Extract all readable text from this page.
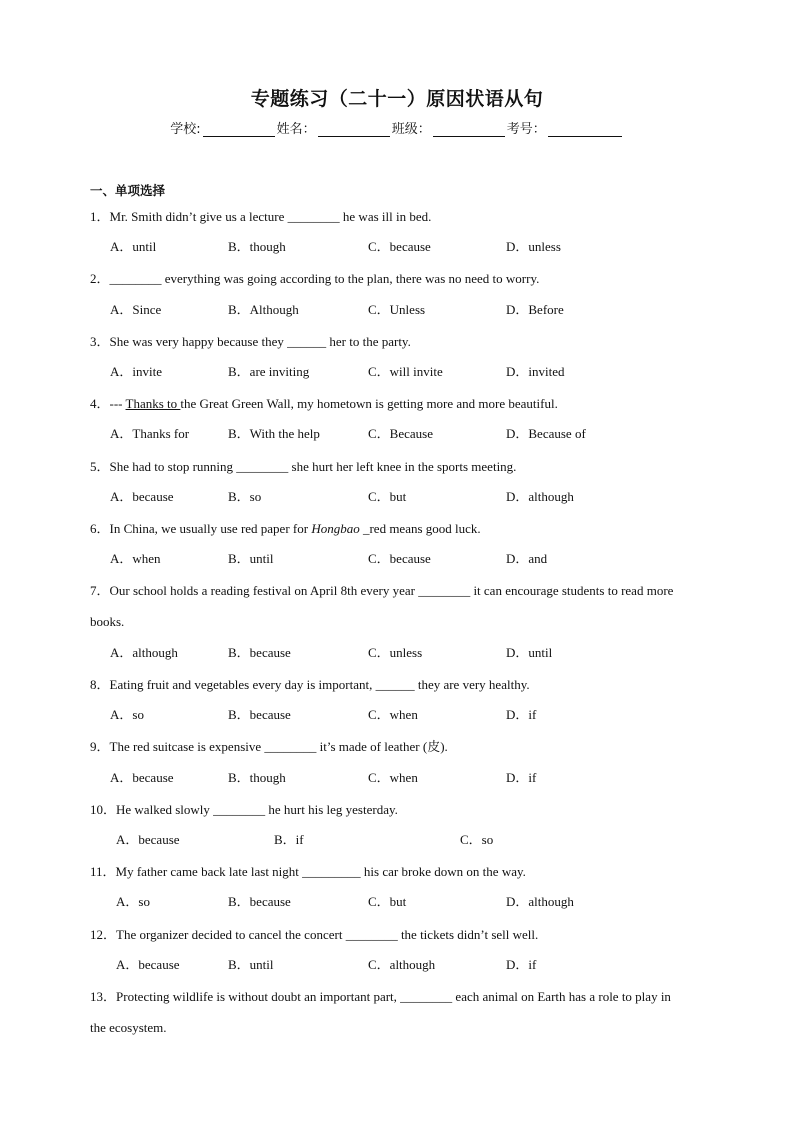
专题练习（二十一）原因状语从句
学校:	姓名：	班级：	考号：
一、单项选择
1．Mr. Smith didn’t give us a lecture ________ he was ill in bed.
A．until	B．though	C．because	D．unless
2．________ everything was going according to the plan, there was no need to worry.
A．Since	B．Although	C．Unless	D．Before
3．She was very happy because they ______ her to the party.
A．invite	B．are inviting	C．will invite	D．invited
4．--- Thanks to the Great Green Wall, my hometown is getting more and more beautiful.
A．Thanks for	B．With the help	C．Because	D．Because of
5．She had to stop running ________ she hurt her left knee in the sports meeting.
A．because	B．so	C．but	D．although
6．In China, we usually use red paper for Hongbao _red means good luck.
A．when	B．until	C．because	D．and
7．Our school holds a reading festival on April 8th every year ________ it can encourage students to read more books.
A．although	B．because	C．unless	D．until
8．Eating fruit and vegetables every day is important, ______ they are very healthy.
A．so	B．because	C．when	D．if
9．The red suitcase is expensive ________ it’s made of leather (皮).
A．because	B．though	C．when	D．if
10．He walked slowly ________ he hurt his leg yesterday.
A．because	B．if	C．so
11．My father came back late last night _________ his car broke down on the way.
A．so	B．because	C．but	D．although
12．The organizer decided to cancel the concert ________ the tickets didn’t sell well.
A．because	B．until	C．although	D．if
13．Protecting wildlife is without doubt an important part, ________ each animal on Earth has a role to play in the ecosystem.
